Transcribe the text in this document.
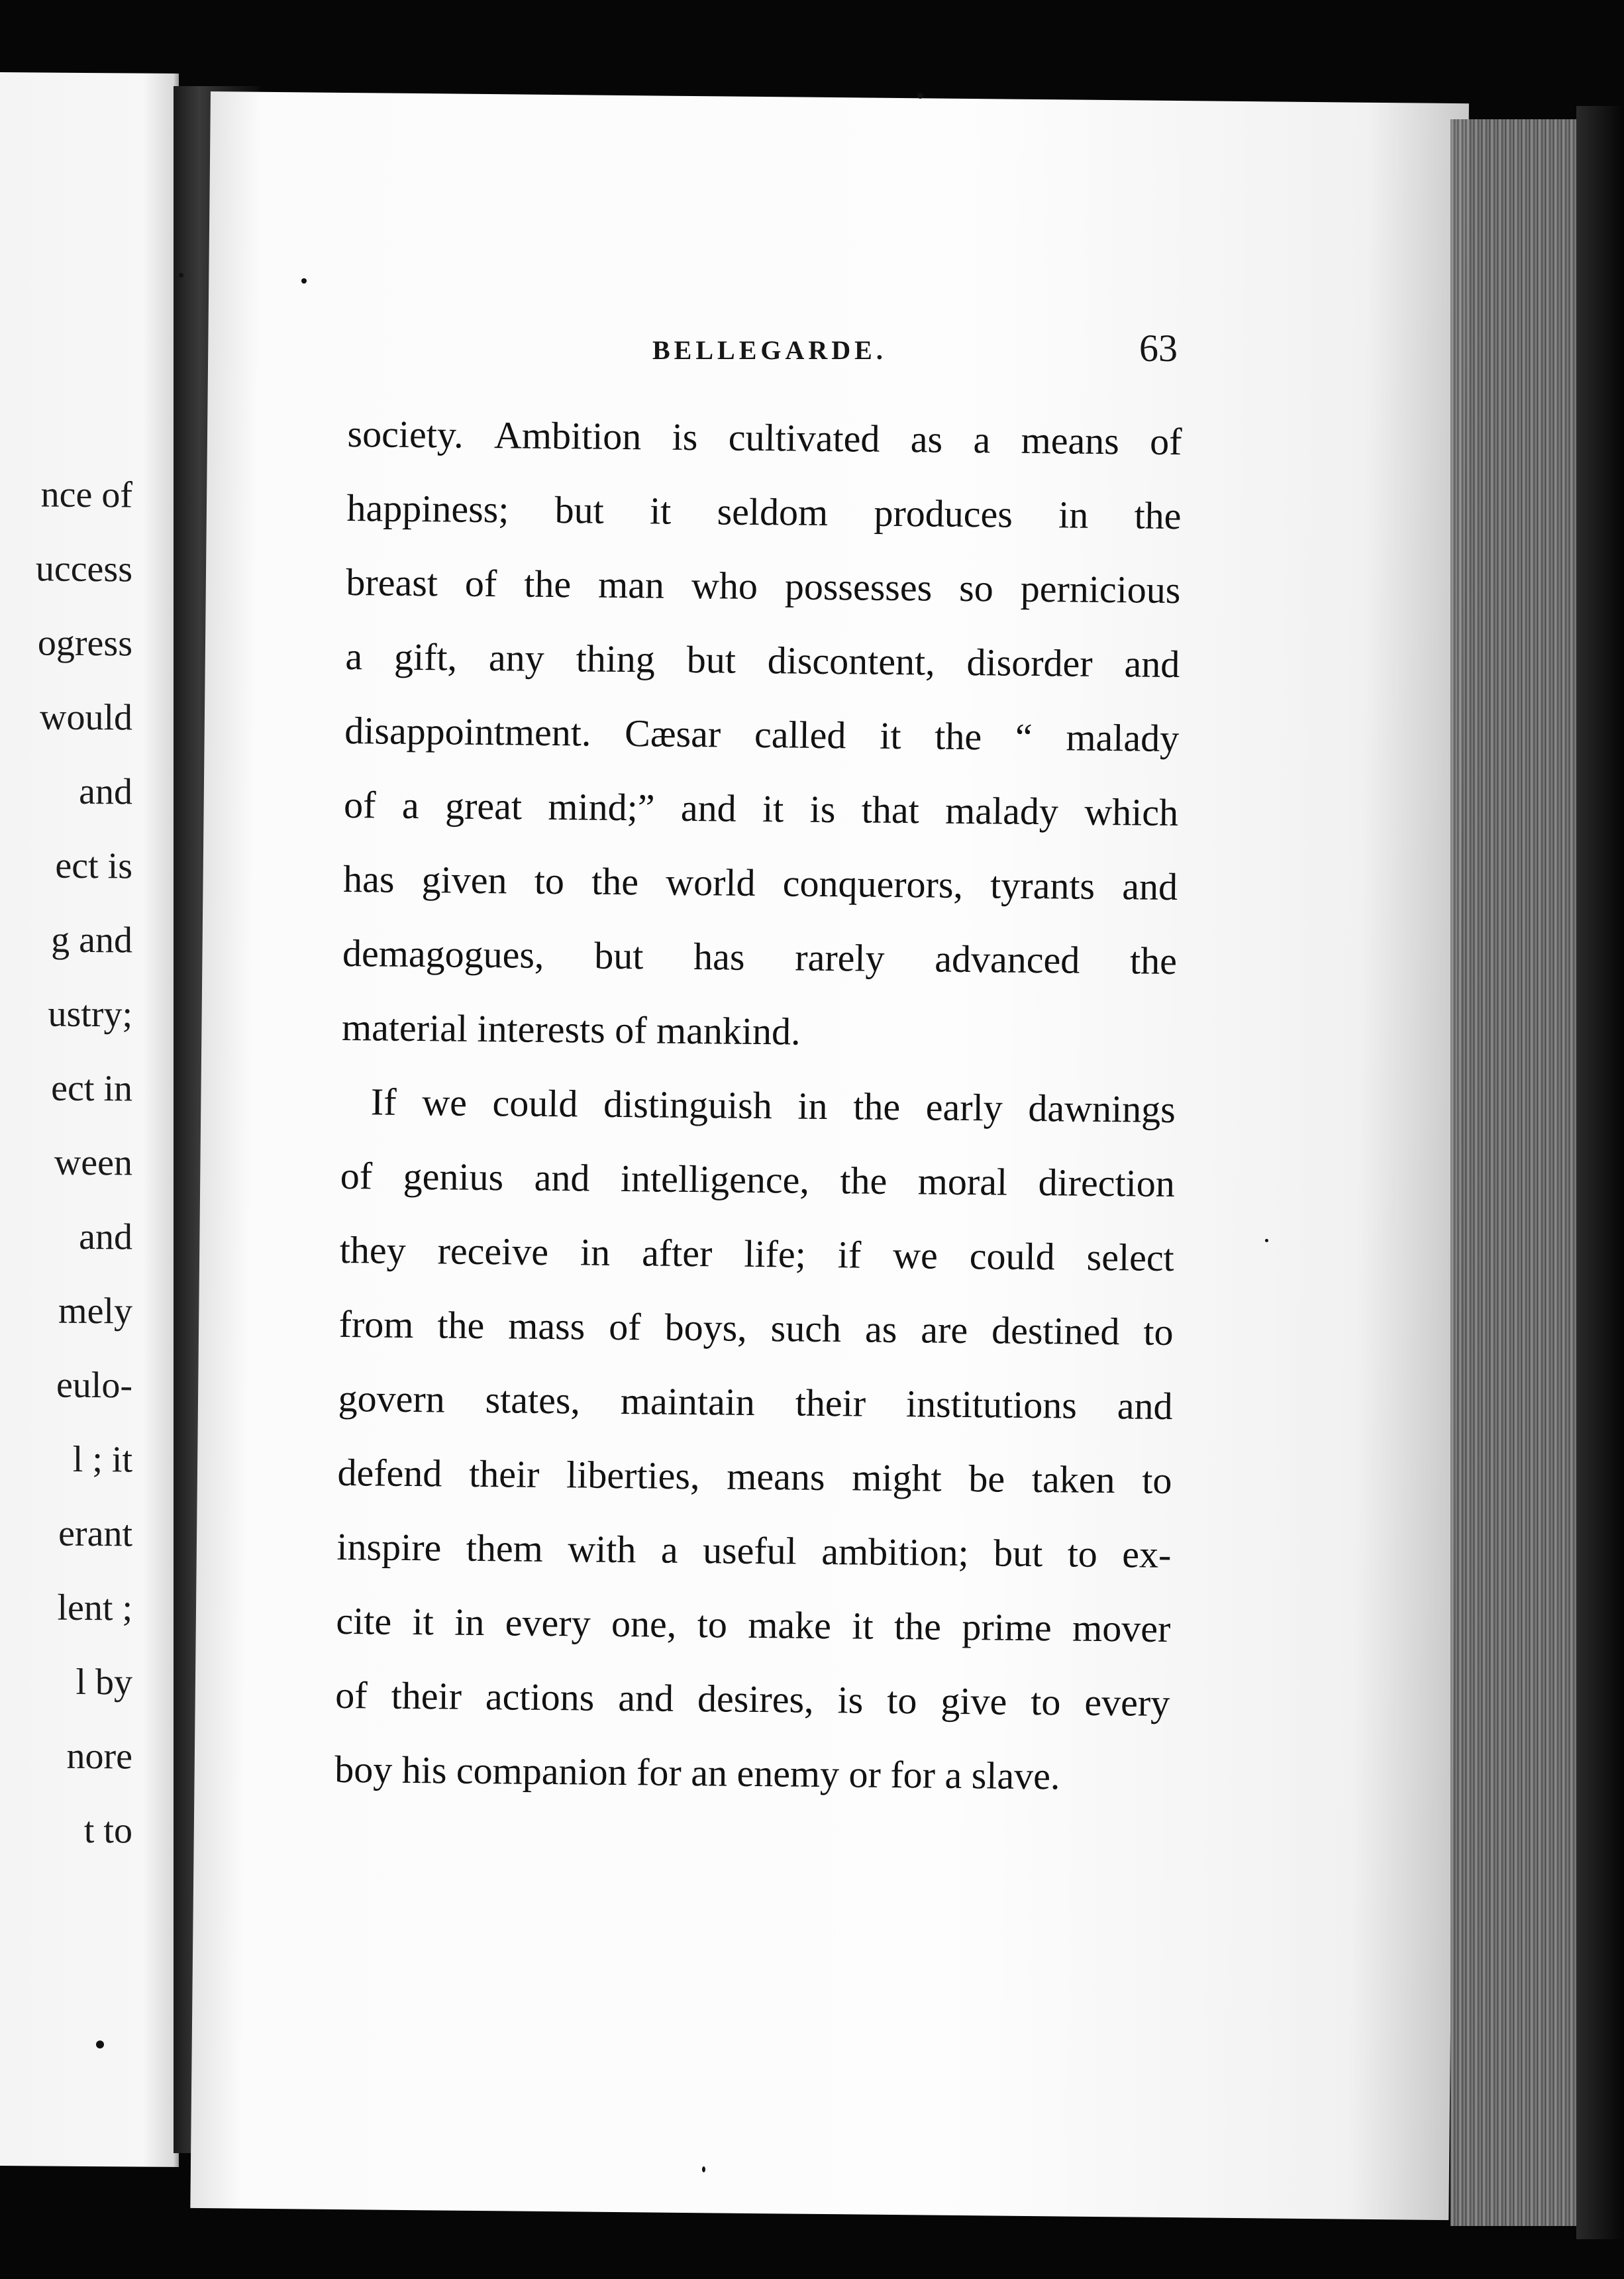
nce of
uccess
ogress
would
and
ect is
g and
ustry;
ect in
ween
and
mely
eulo-
l ; it
erant
lent ;
l by
nore
t to
BELLEGARDE.	63
society. Ambition is cultivated as a means of
happiness; but it seldom produces in the
breast of the man who possesses so pernicious
a gift, any thing but discontent, disorder and
disappointment. Cæsar called it the “ malady
of a great mind;” and it is that malady which
has given to the world conquerors, tyrants and
demagogues, but has rarely advanced the
material interests of mankind.
If we could distinguish in the early dawnings
of genius and intelligence, the moral direction
they receive in after life; if we could select
from the mass of boys, such as are destined to
govern states, maintain their institutions and
defend their liberties, means might be taken to
inspire them with a useful ambition; but to ex-
cite it in every one, to make it the prime mover
of their actions and desires, is to give to every
boy his companion for an enemy or for a slave.
